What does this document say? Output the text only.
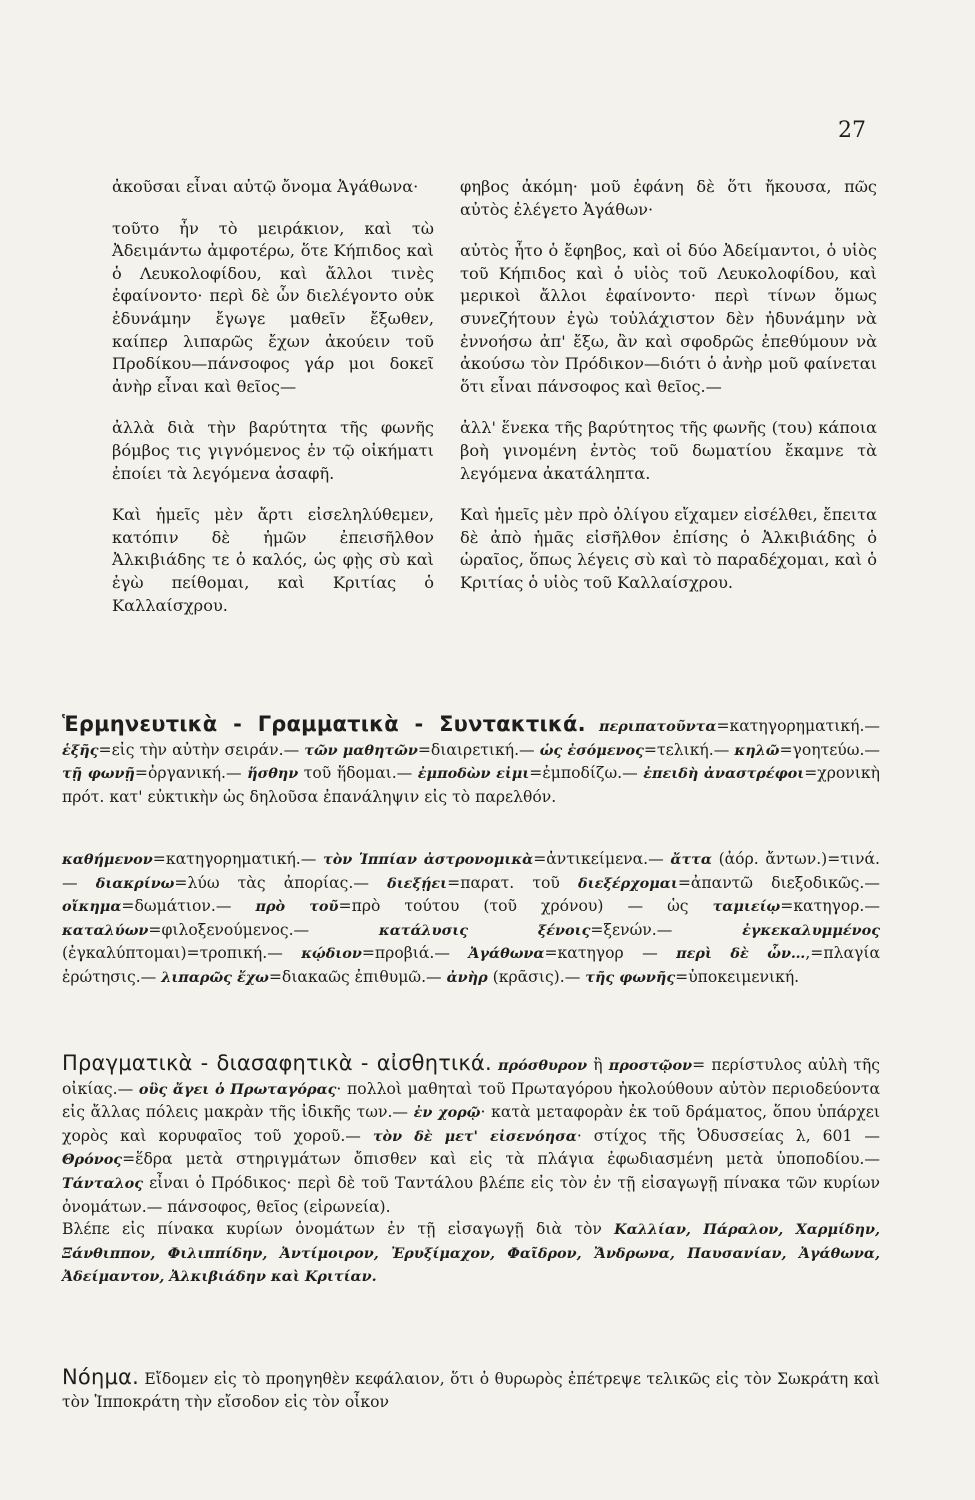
27

ἀκοῦσαι εἶναι αὐτῷ ὄνομα Ἀγάθωνα·

τοῦτο ἦν τὸ μειράκιον, καὶ τὼ Ἀδειμάντω ἀμφοτέρω, ὅτε Κήπιδος καὶ ὁ Λευκολοφίδου, καὶ ἄλλοι τινὲς ἐφαίνοντο· περὶ δὲ ὧν διελέγοντο οὐκ ἐδυνάμην ἔγωγε μαθεῖν ἔξωθεν, καίπερ λιπαρῶς ἔχων ἀκούειν τοῦ Προδίκου—πάνσοφος γάρ μοι δοκεῖ ἀνὴρ εἶναι καὶ θεῖος—

ἀλλὰ διὰ τὴν βαρύτητα τῆς φωνῆς βόμβος τις γιγνόμενος ἐν τῷ οἰκήματι ἐποίει τὰ λεγόμενα ἀσαφῆ.

Καὶ ἡμεῖς μὲν ἄρτι εἰσεληλύθεμεν, κατόπιν δὲ ἡμῶν ἐπεισῆλθον Ἀλκιβιάδης τε ὁ καλός, ὡς φῂς σὺ καὶ ἐγὼ πείθομαι, καὶ Κριτίας ὁ Καλλαίσχρου.

φηβος ἀκόμη· μοῦ ἐφάνη δὲ ὅτι ἤκουσα, πῶς αὐτὸς ἐλέγετο Ἀγάθων·

αὐτὸς ἦτο ὁ ἔφηβος, καὶ οἱ δύο Ἀδείμαντοι, ὁ υἱὸς τοῦ Κήπιδος καὶ ὁ υἱὸς τοῦ Λευκολοφίδου, καὶ μερικοὶ ἄλλοι ἐφαίνοντο· περὶ τίνων ὅμως συνεζήτουν ἐγὼ τοὐλάχιστον δὲν ἠδυνάμην νὰ ἐννοήσω ἀπ' ἔξω, ἂν καὶ σφοδρῶς ἐπεθύμουν νὰ ἀκούσω τὸν Πρόδικον—διότι ὁ ἀνὴρ μοῦ φαίνεται ὅτι εἶναι πάνσοφος καὶ θεῖος.—

ἀλλ' ἕνεκα τῆς βαρύτητος τῆς φωνῆς (του) κάποια βοὴ γινομένη ἐντὸς τοῦ δωματίου ἔκαμνε τὰ λεγόμενα ἀκατάληπτα.

Καὶ ἡμεῖς μὲν πρὸ ὀλίγου εἴχαμεν εἰσέλθει, ἔπειτα δὲ ἀπὸ ἡμᾶς εἰσῆλθον ἐπίσης ὁ Ἀλκιβιάδης ὁ ὡραῖος, ὅπως λέγεις σὺ καὶ τὸ παραδέχομαι, καὶ ὁ Κριτίας ὁ υἱὸς τοῦ Καλλαίσχρου.

Ἑρμηνευτικὰ - Γραμματικὰ - Συντακτικά. περιπατοῦντα=κατηγορηματική.— ἑξῆς=εἰς τὴν αὐτὴν σειράν.— τῶν μαθητῶν=διαιρετική.— ὡς ἐσόμενος=τελική.— κηλῶ=γοητεύω.— τῇ φωνῇ=ὀργανική.— ἥσθην τοῦ ἥδομαι.— ἐμποδὼν εἰμι=ἐμποδίζω.— ἐπειδὴ ἀναστρέφοι=χρονικὴ πρότ. κατ' εὐκτικὴν ὡς δηλοῦσα ἐπανάληψιν εἰς τὸ παρελθόν.

καθήμενον=κατηγορηματική.— τὸν Ἱππίαν ἀστρονομικὰ=ἀντικείμενα.— ἄττα (ἀόρ. ἄντων.)=τινά.— διακρίνω=λύω τὰς ἀπορίας.— διεξῄει=παρατ. τοῦ διεξέρχομαι=ἀπαντῶ διεξοδικῶς.— οἴκημα=δωμάτιον.— πρὸ τοῦ=πρὸ τούτου (τοῦ χρόνου) — ὡς ταμιείῳ=κατηγορ.— καταλύων=φιλοξενούμενος.— κατάλυσις ξένοις=ξενών.— ἐγκεκαλυμμένος (ἐγκαλύπτομαι)=τροπική.— κῴδιον=προβιά.— Ἀγάθωνα=κατηγορ — περὶ δὲ ὧν…,=πλαγία ἐρώτησις.— λιπαρῶς ἔχω=διακαῶς ἐπιθυμῶ.— ἀνὴρ (κρᾶσις).— τῆς φωνῆς=ὑποκειμενική.

Πραγματικὰ - διασαφητικὰ - αἰσθητικά. πρόσθυρον ἢ προστῷον= περίστυλος αὐλὴ τῆς οἰκίας.— οὓς ἄγει ὁ Πρωταγόρας· πολλοὶ μαθηταὶ τοῦ Πρωταγόρου ἠκολούθουν αὐτὸν περιοδεύοντα εἰς ἄλλας πόλεις μακρὰν τῆς ἰδικῆς των.— ἐν χορῷ· κατὰ μεταφορὰν ἐκ τοῦ δράματος, ὅπου ὑπάρχει χορὸς καὶ κορυφαῖος τοῦ χοροῦ.— τὸν δὲ μετ' εἰσενόησα· στίχος τῆς Ὀδυσσείας λ, 601 — Θρόνος=ἕδρα μετὰ στηριγμάτων ὄπισθεν καὶ εἰς τὰ πλάγια ἐφωδιασμένη μετὰ ὑποποδίου.— Τάνταλος εἶναι ὁ Πρόδικος· περὶ δὲ τοῦ Ταντάλου βλέπε εἰς τὸν ἐν τῇ εἰσαγωγῇ πίνακα τῶν κυρίων ὀνομάτων.— πάνσοφος, θεῖος (εἰρωνεία).

Βλέπε εἰς πίνακα κυρίων ὀνομάτων ἐν τῇ εἰσαγωγῇ διὰ τὸν Καλλίαν, Πάραλον, Χαρμίδην, Ξάνθιππον, Φιλιππίδην, Ἀντίμοιρον, Ἐρυξίμαχον, Φαῖδρον, Ἄνδρωνα, Παυσανίαν, Ἀγάθωνα, Ἀδείμαντον, Ἀλκιβιάδην καὶ Κριτίαν.

Νόημα. Εἴδομεν εἰς τὸ προηγηθὲν κεφάλαιον, ὅτι ὁ θυρωρὸς ἐπέτρεψε τελικῶς εἰς τὸν Σωκράτη καὶ τὸν Ἱπποκράτη τὴν εἴσοδον εἰς τὸν οἶκον
